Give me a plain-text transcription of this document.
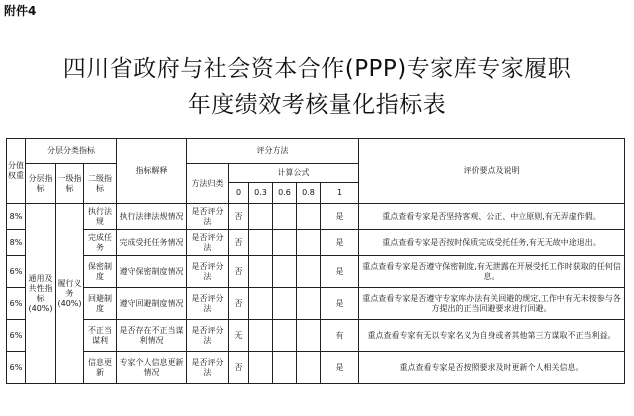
附件4
四川省政府与社会资本合作(PPP)专家库专家履职
年度绩效考核量化指标表
分值权重	分层分类指标			指标解释	评分方法						评价要点及说明
	分层指标	一级指标	二级指标		方法归类	计算公式					
						0	0.3	0.6	0.8	1	
8%	通用及共性指标(40%)	履行义务(40%)	执行法规	执行法律法规情况	是否评分法	否				是	重点查看专家是否坚持客观、公正、中立原则,有无弄虚作假。
8%			完成任务	完成受托任务情况	是否评分法	否				是	重点查看专家是否按时保质完成受托任务,有无无故中途退出。
6%			保密制度	遵守保密制度情况	是否评分法	否				是	重点查看专家是否遵守保密制度,有无泄露在开展受托工作时获取的任何信息。
6%			回避制度	遵守回避制度情况	是否评分法	否				是	重点查看专家是否遵守专家库办法有关回避的规定,工作中有无未按参与各方提出的正当回避要求进行回避。
6%			不正当谋利	是否存在不正当谋利情况	是否评分法	无				有	重点查看专家有无以专家名义为自身或者其他第三方谋取不正当利益。
6%			信息更新	专家个人信息更新情况	是否评分法	否				是	重点查看专家是否按照要求及时更新个人相关信息。
